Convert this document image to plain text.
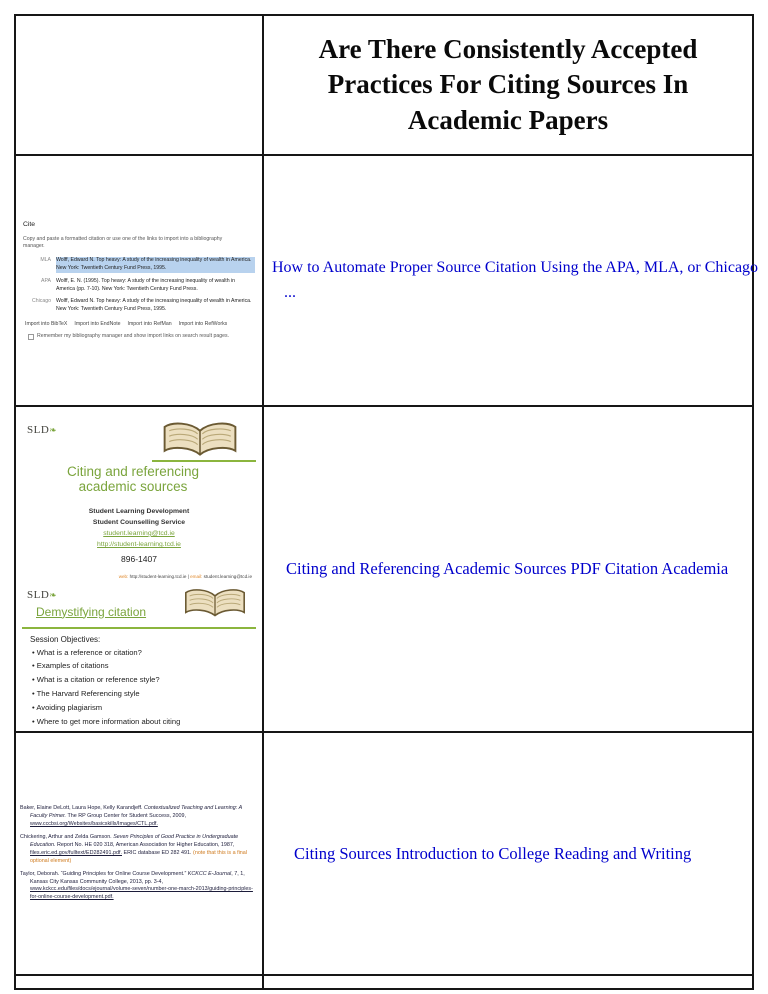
Are There Consistently Accepted Practices For Citing Sources In Academic Papers
Cite
Copy and paste a formatted citation or use one of the links to import into a bibliography manager.
MLA Wolff, Edward N. Top heavy: A study of the increasing inequality of wealth in America. New York: Twentieth Century Fund Press, 1995.
APA Wolff, E. N. (1995). Top heavy: A study of the increasing inequality of wealth in America (pp. 7-10). New York: Twentieth Century Fund Press.
Chicago Wolff, Edward N. Top heavy: A study of the increasing inequality of wealth in America. New York: Twentieth Century Fund Press, 1995.
Import into BibTeX Import into EndNote Import into RefMan Import into RefWorks
Remember my bibliography manager and show import links on search result pages.
How to Automate Proper Source Citation Using the APA, MLA, or Chicago
...
SLD❧
Citing and referencing academic sources
Student Learning Development
Student Counselling Service
student.learning@tcd.ie
http://student-learning.tcd.ie
896-1407
web: http://student-learning.tcd.ie | email: student.learning@tcd.ie
SLD❧
Demystifying citation
Session Objectives:
• What is a reference or citation?
• Examples of citations
• What is a citation or reference style?
• The Harvard Referencing style
• Avoiding plagiarism
• Where to get more information about citing
Citing and Referencing Academic Sources PDF Citation Academia

Baker, Elaine DeLott, Laura Hope, Kelly Karandjeff. Contextualized Teaching and Learning: A Faculty Primer. The RP Group Center for Student Success, 2009, www.cccbsi.org/Websites/basicskills/Images/CTL.pdf.

Chickering, Arthur and Zelda Gamson. Seven Principles of Good Practice in Undergraduate Education. Report No. HE 020 318, American Association for Higher Education, 1987, files.eric.ed.gov/fulltext/ED282491.pdf. ERIC database ED 282 491. (note that this is a final optional element)

Taylor, Deborah. “Guiding Principles for Online Course Development.” KCKCC E-Journal, 7, 1, Kansas City Kansas Community College, 2013, pp. 3-4, www.kckcc.edu/files/docs/ejournal/volume-seven/number-one-march-2013/guiding-principles-for-online-course-development.pdf.

Citing Sources Introduction to College Reading and Writing
